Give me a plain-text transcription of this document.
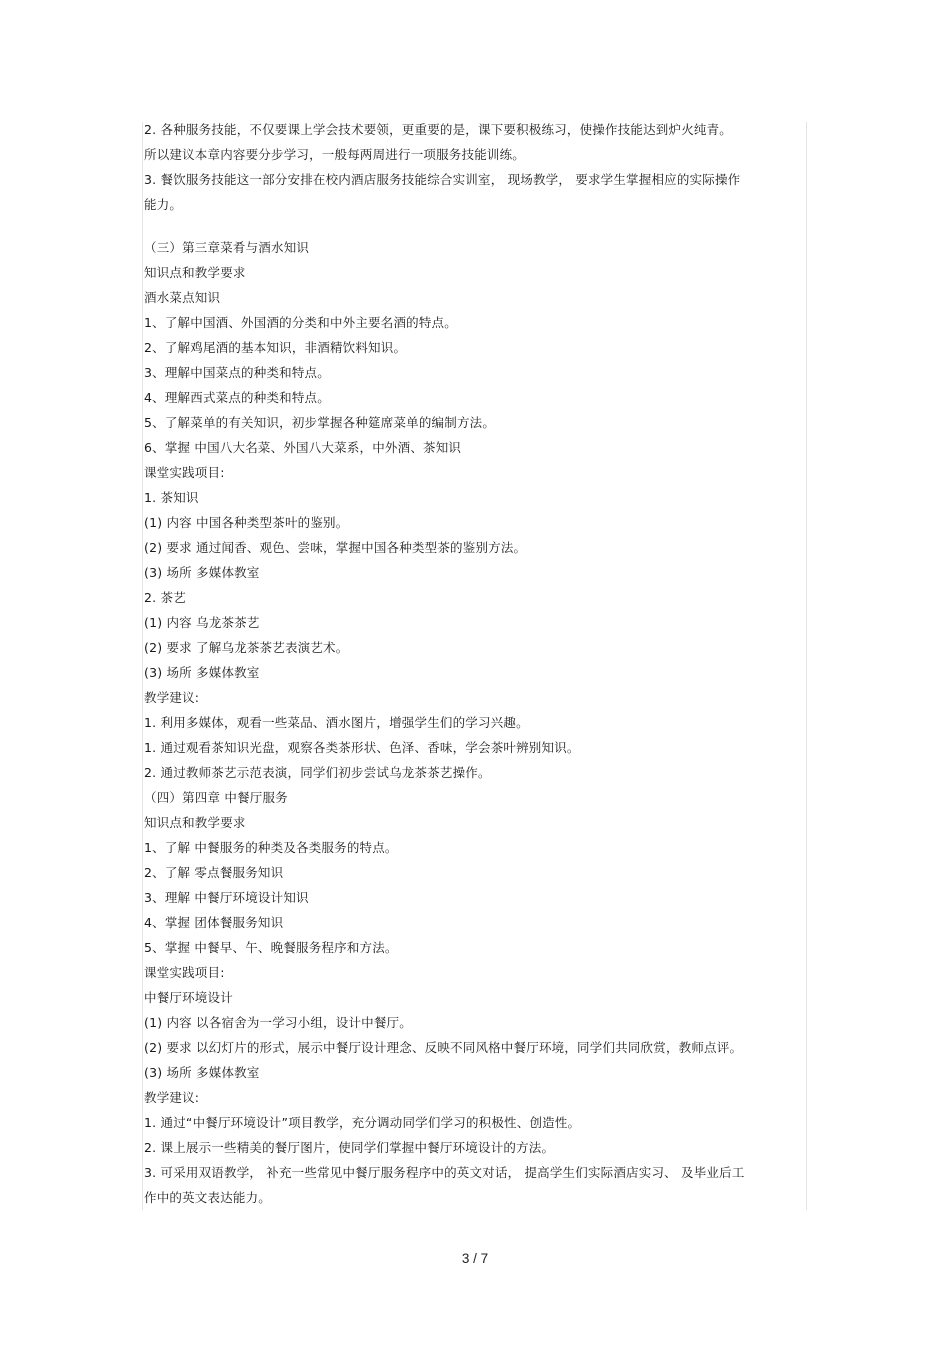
2. 各种服务技能，不仅要课上学会技术要领，更重要的是，课下要积极练习，使操作技能达到炉火纯青。
所以建议本章内容要分步学习，一般每两周进行一项服务技能训练。
3. 餐饮服务技能这一部分安排在校内酒店服务技能综合实训室， 现场教学， 要求学生掌握相应的实际操作
能力。
（三）第三章菜肴与酒水知识
知识点和教学要求
酒水菜点知识
1、了解中国酒、外国酒的分类和中外主要名酒的特点。
2、了解鸡尾酒的基本知识，非酒精饮料知识。
3、理解中国菜点的种类和特点。
4、理解西式菜点的种类和特点。
5、了解菜单的有关知识，初步掌握各种筵席菜单的编制方法。
6、掌握 中国八大名菜、外国八大菜系，中外酒、茶知识
课堂实践项目:
1. 茶知识
(1) 内容 中国各种类型茶叶的鉴别。
(2) 要求 通过闻香、观色、尝味，掌握中国各种类型茶的鉴别方法。
(3) 场所 多媒体教室
2. 茶艺
(1) 内容 乌龙茶茶艺
(2) 要求 了解乌龙茶茶艺表演艺术。
(3) 场所 多媒体教室
教学建议:
1. 利用多媒体，观看一些菜品、酒水图片，增强学生们的学习兴趣。
1. 通过观看茶知识光盘，观察各类茶形状、色泽、香味，学会茶叶辨别知识。
2. 通过教师茶艺示范表演，同学们初步尝试乌龙茶茶艺操作。
（四）第四章 中餐厅服务
知识点和教学要求
1、了解 中餐服务的种类及各类服务的特点。
2、了解 零点餐服务知识
3、理解 中餐厅环境设计知识
4、掌握 团体餐服务知识
5、掌握 中餐早、午、晚餐服务程序和方法。
课堂实践项目:
中餐厅环境设计
(1) 内容 以各宿舍为一学习小组，设计中餐厅。
(2) 要求 以幻灯片的形式，展示中餐厅设计理念、反映不同风格中餐厅环境，同学们共同欣赏，教师点评。
(3) 场所 多媒体教室
教学建议:
1. 通过“中餐厅环境设计”项目教学，充分调动同学们学习的积极性、创造性。
2. 课上展示一些精美的餐厅图片，使同学们掌握中餐厅环境设计的方法。
3. 可采用双语教学， 补充一些常见中餐厅服务程序中的英文对话， 提高学生们实际酒店实习、 及毕业后工
作中的英文表达能力。
3 / 7
